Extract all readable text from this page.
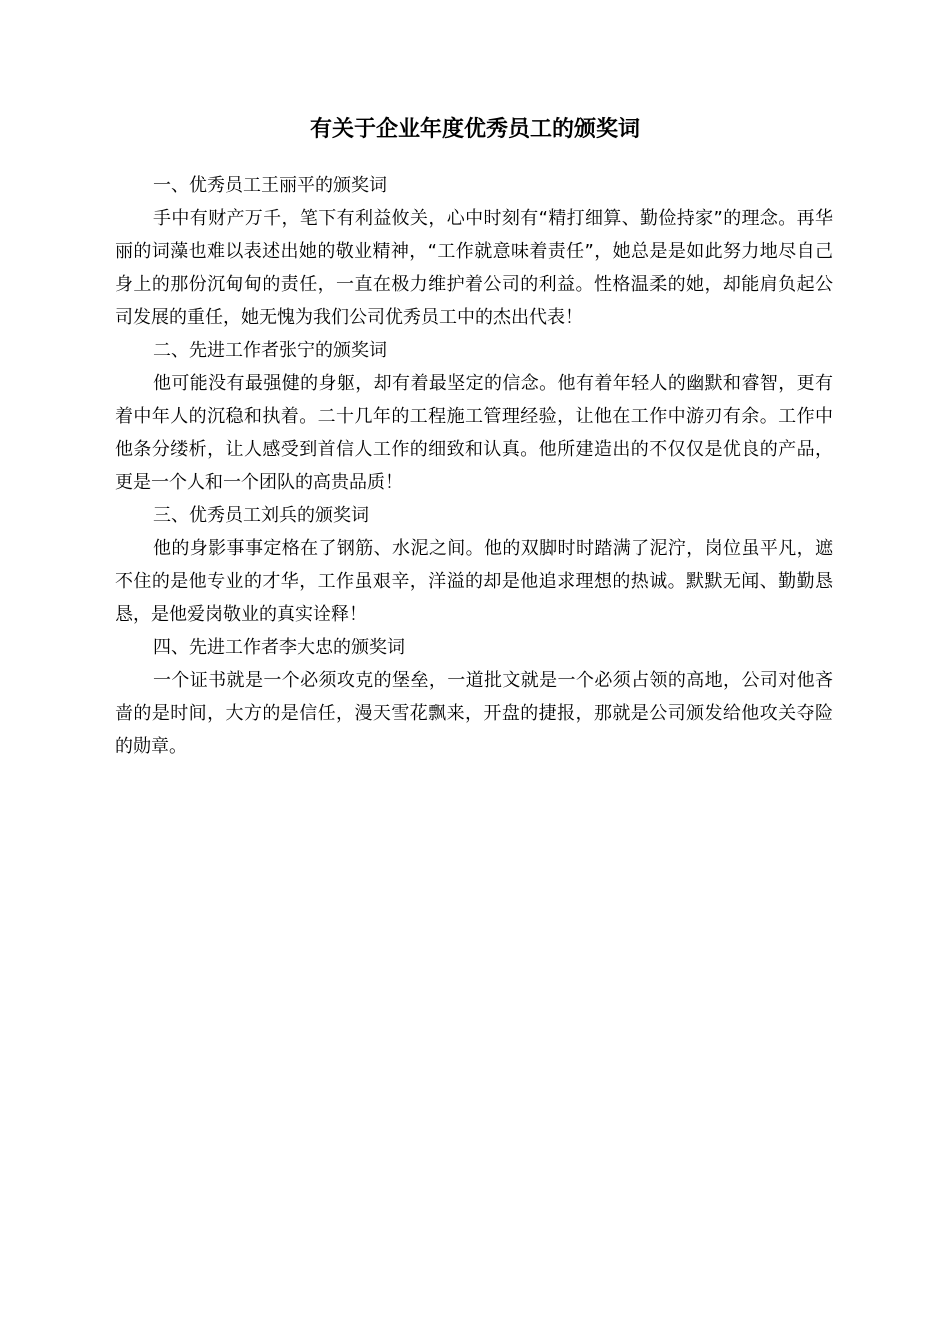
有关于企业年度优秀员工的颁奖词

一、优秀员工王丽平的颁奖词

手中有财产万千，笔下有利益攸关，心中时刻有“精打细算、勤俭持家”的理念。再华丽的词藻也难以表述出她的敬业精神，“工作就意味着责任”，她总是是如此努力地尽自己身上的那份沉甸甸的责任，一直在极力维护着公司的利益。性格温柔的她，却能肩负起公司发展的重任，她无愧为我们公司优秀员工中的杰出代表！

二、先进工作者张宁的颁奖词

他可能没有最强健的身躯，却有着最坚定的信念。他有着年轻人的幽默和睿智，更有着中年人的沉稳和执着。二十几年的工程施工管理经验，让他在工作中游刃有余。工作中他条分缕析，让人感受到首信人工作的细致和认真。他所建造出的不仅仅是优良的产品，更是一个人和一个团队的高贵品质！

三、优秀员工刘兵的颁奖词

他的身影事事定格在了钢筋、水泥之间。他的双脚时时踏满了泥泞，岗位虽平凡，遮不住的是他专业的才华，工作虽艰辛，洋溢的却是他追求理想的热诚。默默无闻、勤勤恳恳，是他爱岗敬业的真实诠释！

四、先进工作者李大忠的颁奖词

一个证书就是一个必须攻克的堡垒，一道批文就是一个必须占领的高地，公司对他吝啬的是时间，大方的是信任，漫天雪花飘来，开盘的捷报，那就是公司颁发给他攻关夺险的勋章。
